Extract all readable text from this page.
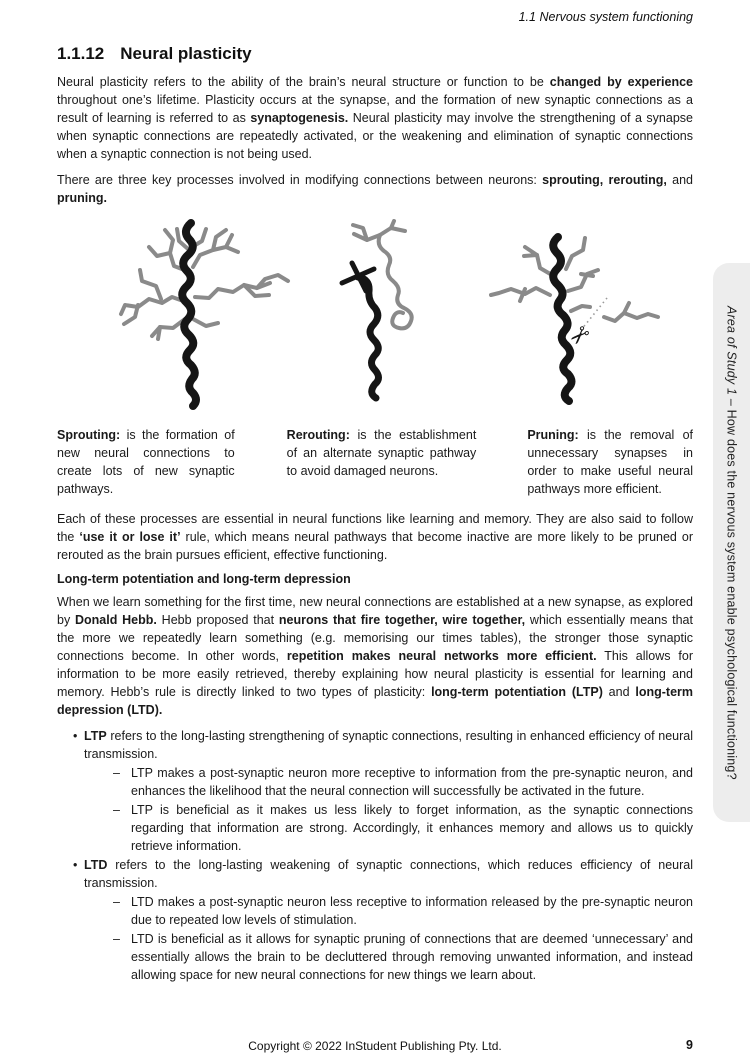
1.1 Nervous system functioning
1.1.12 Neural plasticity

Neural plasticity refers to the ability of the brain’s neural structure or function to be changed by experience throughout one’s lifetime. Plasticity occurs at the synapse, and the formation of new synaptic connections as a result of learning is referred to as synaptogenesis. Neural plasticity may involve the strengthening of a synapse when synaptic connections are repeatedly activated, or the weakening and elimination of synaptic connections when a synaptic connection is not being used.

There are three key processes involved in modifying connections between neurons: sprouting, rerouting, and pruning.

✂
Sprouting: is the formation of new neural connections to create lots of new synaptic pathways.
Rerouting: is the establishment of an alternate synaptic pathway to avoid damaged neurons.
Pruning: is the removal of unnecessary synapses in order to make useful neural pathways more efficient.

Each of these processes are essential in neural functions like learning and memory. They are also said to follow the ‘use it or lose it’ rule, which means neural pathways that become inactive are more likely to be pruned or rerouted as the brain pursues efficient, effective functioning.

Long-term potentiation and long-term depression

When we learn something for the first time, new neural connections are established at a new synapse, as explored by Donald Hebb. Hebb proposed that neurons that fire together, wire together, which essentially means that the more we repeatedly learn something (e.g. memorising our times tables), the stronger those synaptic connections become. In other words, repetition makes neural networks more efficient. This allows for information to be more easily retrieved, thereby explaining how neural plasticity is essential for learning and memory. Hebb’s rule is directly linked to two types of plasticity: long-term potentiation (LTP) and long-term depression (LTD).

• LTP refers to the long-lasting strengthening of synaptic connections, resulting in enhanced efficiency of neural transmission.
– LTP makes a post-synaptic neuron more receptive to information from the pre-synaptic neuron, and enhances the likelihood that the neural connection will successfully be activated in the future.
– LTP is beneficial as it makes us less likely to forget information, as the synaptic connections regarding that information are strong. Accordingly, it enhances memory and allows us to quickly retrieve information.
• LTD refers to the long-lasting weakening of synaptic connections, which reduces efficiency of neural transmission.
– LTD makes a post-synaptic neuron less receptive to information released by the pre-synaptic neuron due to repeated low levels of stimulation.
– LTD is beneficial as it allows for synaptic pruning of connections that are deemed ‘unnecessary’ and essentially allows the brain to be decluttered through removing unwanted information, and instead allowing space for new neural connections for new things we learn about.
Area of Study 1 – How does the nervous system enable psychological functioning?
Copyright © 2022 InStudent Publishing Pty. Ltd.	9
